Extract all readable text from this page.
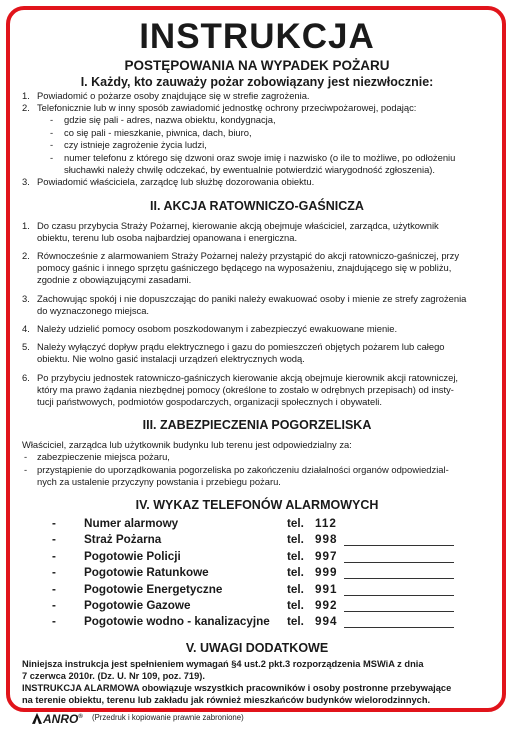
INSTRUKCJA

POSTĘPOWANIA NA WYPADEK POŻARU

I. Każdy, kto zauważy pożar zobowiązany jest niezwłocznie:

1. Powiadomić o pożarze osoby znajdujące się w strefie zagrożenia.
2. Telefonicznie lub w inny sposób zawiadomić jednostkę ochrony przeciwpożarowej, podając:
- gdzie się pali - adres, nazwa obiektu, kondygnacja,
- co się pali - mieszkanie, piwnica, dach, biuro,
- czy istnieje zagrożenie życia ludzi,
- numer telefonu z którego się dzwoni oraz swoje imię i nazwisko (o ile to możliwe, po odłożeniu
słuchawki należy chwilę odczekać, by ewentualnie potwierdzić wiarygodność zgłoszenia).
3. Powiadomić właściciela, zarządcę lub służbę dozorowania obiektu.

II. AKCJA RATOWNICZO-GAŚNICZA

1. Do czasu przybycia Straży Pożarnej, kierowanie akcją obejmuje właściciel, zarządca, użytkownik
obiektu, terenu lub osoba najbardziej opanowana i energiczna.
2. Równocześnie z alarmowaniem Straży Pożarnej należy przystąpić do akcji ratowniczo-gaśniczej, przy
pomocy gaśnic i innego sprzętu gaśniczego będącego na wyposażeniu, znajdującego się w pobliżu,
zgodnie z obowiązującymi zasadami.
3. Zachowując spokój i nie dopuszczając do paniki należy ewakuować osoby i mienie ze strefy zagrożenia
do wyznaczonego miejsca.
4. Należy udzielić pomocy osobom poszkodowanym i zabezpieczyć ewakuowane mienie.
5. Należy wyłączyć dopływ prądu elektrycznego i gazu do pomieszczeń objętych pożarem lub całego
obiektu. Nie wolno gasić instalacji urządzeń elektrycznych wodą.
6. Po przybyciu jednostek ratowniczo-gaśniczych kierowanie akcją obejmuje kierownik akcji ratowniczej,
który ma prawo żądania niezbędnej pomocy (określone to zostało w odrębnych przepisach) od insty-
tucji państwowych, podmiotów gospodarczych, organizacji społecznych i obywateli.

III. ZABEZPIECZENIA POGORZELISKA

Właściciel, zarządca lub użytkownik budynku lub terenu jest odpowiedzialny za:

- zabezpieczenie miejsca pożaru,
- przystąpienie do uporządkowania pogorzeliska po zakończeniu działalności organów odpowiedzial-
nych za ustalenie przyczyny powstania i przebiegu pożaru.

IV. WYKAZ TELEFONÓW ALARMOWYCH

- Numer alarmowy	tel. 112
- Straż Pożarna	tel. 998
- Pogotowie Policji	tel. 997
- Pogotowie Ratunkowe	tel. 999
- Pogotowie Energetyczne	tel. 991
- Pogotowie Gazowe	tel. 992
- Pogotowie wodno - kanalizacyjne tel. 994

V. UWAGI DODATKOWE

Niniejsza instrukcja jest spełnieniem wymagań §4 ust.2 pkt.3 rozporządzenia MSWiA z dnia

7 czerwca 2010r. (Dz. U. Nr 109, poz. 719).

INSTRUKCJA ALARMOWA obowiązuje wszystkich pracowników i osoby postronne przebywające

na terenie obiektu, terenu lub zakładu jak również mieszkańców budynków wielorodzinnych.

ANRO® (Przedruk i kopiowanie prawnie zabronione)
